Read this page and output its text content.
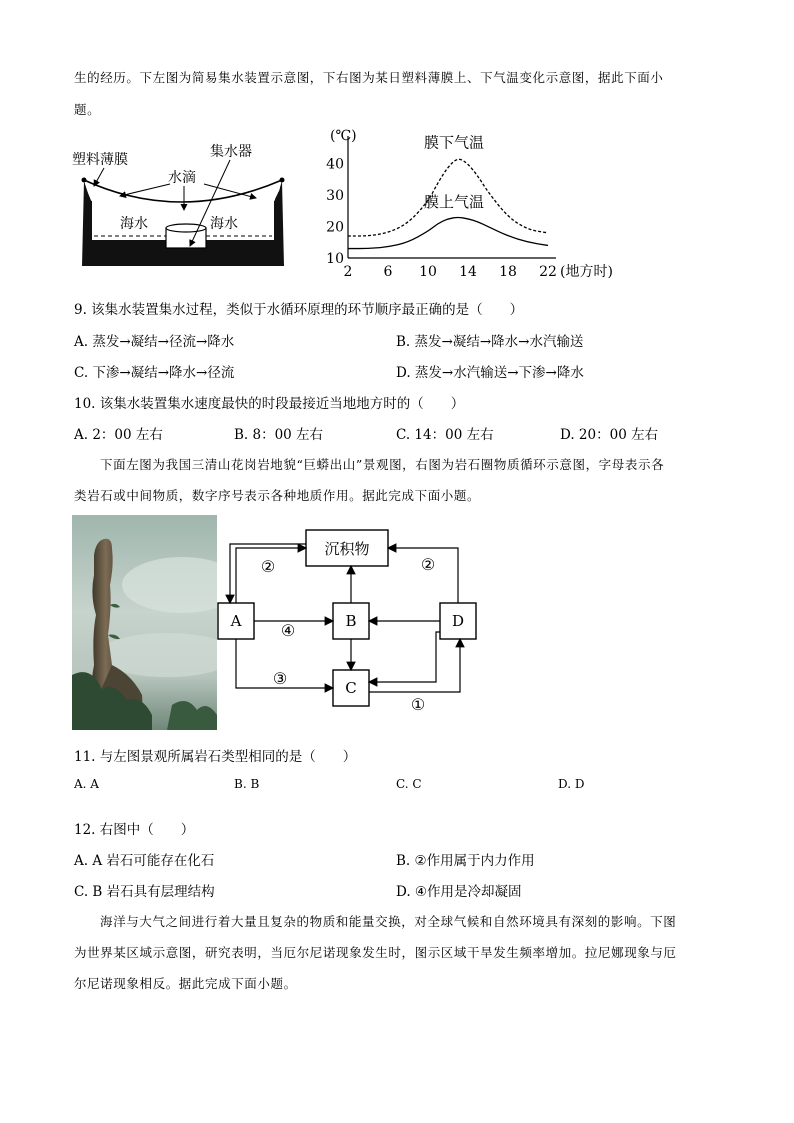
生的经历。下左图为简易集水装置示意图，下右图为某日塑料薄膜上、下气温变化示意图，据此下面小
题。
塑料薄膜	集水器
水滴
海水	海水
(℃)
(地方时)
10
20
30
40
2 6 10 14 18 22
膜下气温
膜上气温
9. 该集水装置集水过程，类似于水循环原理的环节顺序最正确的是（　　）
A. 蒸发→凝结→径流→降水	B. 蒸发→凝结→降水→水汽输送
C. 下渗→凝结→降水→径流	D. 蒸发→水汽输送→下渗→降水
10. 该集水装置集水速度最快的时段最接近当地地方时的（　　）
A. 2：00 左右	B. 8：00 左右	C. 14：00 左右	D. 20：00 左右
下面左图为我国三清山花岗岩地貌“巨蟒出山”景观图，右图为岩石圈物质循环示意图，字母表示各
类岩石或中间物质，数字序号表示各种地质作用。据此完成下面小题。
沉积物
A	B	D
C
②	②
④
③
①
11. 与左图景观所属岩石类型相同的是（　　）
A. A	B. B	C. C	D. D
12. 右图中（　　）
A. A 岩石可能存在化石	B. ②作用属于内力作用
C. B 岩石具有层理结构	D. ④作用是冷却凝固
海洋与大气之间进行着大量且复杂的物质和能量交换，对全球气候和自然环境具有深刻的影响。下图
为世界某区域示意图，研究表明，当厄尔尼诺现象发生时，图示区域干旱发生频率增加。拉尼娜现象与厄
尔尼诺现象相反。据此完成下面小题。
